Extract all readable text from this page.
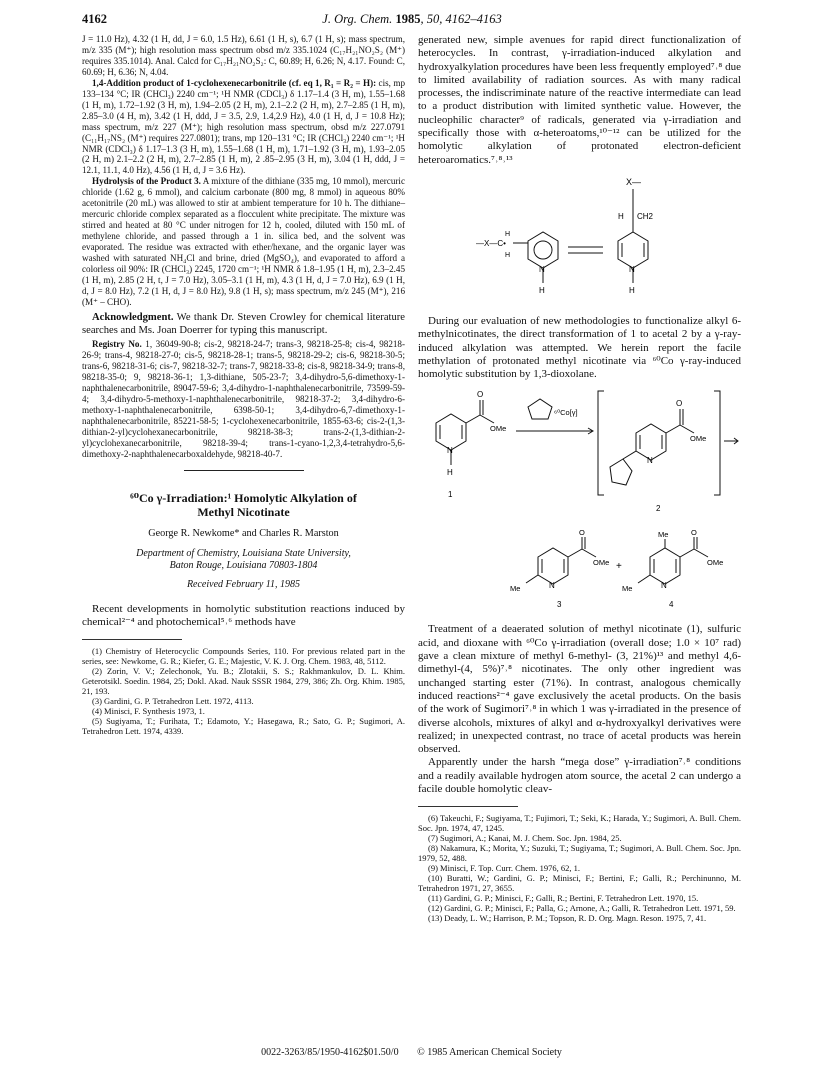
4162	J. Org. Chem. 1985, 50, 4162–4163

J = 11.0 Hz), 4.32 (1 H, dd, J = 6.0, 1.5 Hz), 6.61 (1 H, s), 6.7 (1 H, s); mass spectrum, m/z 335 (M⁺); high resolution mass spectrum obsd m/z 335.1024 (C₁₇H₂₁NO₂S₂ (M⁺) requires 335.1014). Anal. Calcd for C₁₇H₂₁NO₂S₂: C, 60.89; H, 6.26; N, 4.17. Found: C, 60.69; H, 6.36; N, 4.04.

1,4-Addition product of 1-cyclohexenecarbonitrile (cf. eq 1, R₁ = R₂ = H): cis, mp 133–134 °C; IR (CHCl₃) 2240 cm⁻¹; ¹H NMR (CDCl₃) δ 1.17–1.4 (3 H, m), 1.55–1.68 (1 H, m), 1.72–1.92 (3 H, m), 1.94–2.05 (2 H, m), 2.1–2.2 (2 H, m), 2.7–2.85 (1 H, m), 2.85–3.0 (4 H, m), 3.42 (1 H, ddd, J = 3.5, 2.9, 1.4,2.9 Hz), 4.0 (1 H, d, J = 10.8 Hz); mass spectrum, m/z 227 (M⁺); high resolution mass spectrum, obsd m/z 227.0791 (C₁₁H₁₇NS₂ (M⁺) requires 227.0801); trans, mp 120–131 °C; IR (CHCl₃) 2240 cm⁻¹; ¹H NMR (CDCl₃) δ 1.17–1.3 (3 H, m), 1.55–1.68 (1 H, m), 1.71–1.92 (3 H, m), 1.93–2.05 (2 H, m) 2.1–2.2 (2 H, m), 2.7–2.85 (1 H, m), 2 .85–2.95 (3 H, m), 3.04 (1 H, ddd, J = 12.1, 11.1, 4.0 Hz), 4.56 (1 H, d, J = 3.6 Hz).

Hydrolysis of the Product 3. A mixture of the dithiane (335 mg, 10 mmol), mercuric chloride (1.62 g, 6 mmol), and calcium carbonate (800 mg, 8 mmol) in aqueous 80% acetonitrile (20 mL) was allowed to stir at ambient temperature for 10 h. The dithiane–mercuric chloride complex separated as a flocculent white precipitate. The mixture was stirred and heated at 80 °C under nitrogen for 12 h, cooled, diluted with 150 mL of methylene chloride, and passed through a 1 in. silica bed, and the solvent was evaporated. The residue was extracted with ether/hexane, and the organic layer was washed with saturated NH₄Cl and brine, dried (MgSO₄), and evaporated to afford a colorless oil 90%: IR (CHCl₃) 2245, 1720 cm⁻¹; ¹H NMR δ 1.8–1.95 (1 H, m), 2.3–2.45 (1 H, m), 2.85 (2 H, t, J = 7.0 Hz), 3.05–3.1 (1 H, m), 4.3 (1 H, d, J = 7.0 Hz), 6.9 (1 H, d, J = 8.0 Hz), 7.2 (1 H, d, J = 8.0 Hz), 9.8 (1 H, s); mass spectrum, m/z 245 (M⁺), 216 (M⁺ – CHO).

Acknowledgment. We thank Dr. Steven Crowley for chemical literature searches and Ms. Joan Doerrer for typing this manuscript.

Registry No. 1, 36049-90-8; cis-2, 98218-24-7; trans-3, 98218-25-8; cis-4, 98218-26-9; trans-4, 98218-27-0; cis-5, 98218-28-1; trans-5, 98218-29-2; cis-6, 98218-30-5; trans-6, 98218-31-6; cis-7, 98218-32-7; trans-7, 98218-33-8; cis-8, 98218-34-9; trans-8, 98218-35-0; 9, 98218-36-1; 1,3-dithiane, 505-23-7; 3,4-dihydro-5,6-dimethoxy-1-naphthalenecarbonitrile, 89047-59-6; 3,4-dihydro-1-naphthalenecarbonitrile, 73599-59-4; 3,4-dihydro-5-methoxy-1-naphthalenecarbonitrile, 98218-37-2; 3,4-dihydro-6-methoxy-1-naphthalenecarbonitrile, 6398-50-1; 3,4-dihydro-6,7-dimethoxy-1-naphthalenecarbonitrile, 85221-58-5; 1-cyclohexenecarbonitrile, 1855-63-6; cis-2-(1,3-dithian-2-yl)cyclohexanecarbonitrile, 98218-38-3; trans-2-(1,3-dithian-2-yl)cyclohexanecarbonitrile, 98218-39-4; trans-1-cyano-1,2,3,4-tetrahydro-5,6-dimethoxy-2-naphthalenecarboxaldehyde, 98218-40-7.

⁶⁰Co γ-Irradiation:¹ Homolytic Alkylation of
Methyl Nicotinate
George R. Newkome* and Charles R. Marston
Department of Chemistry, Louisiana State University,
Baton Rouge, Louisiana 70803-1804
Received February 11, 1985

Recent developments in homolytic substitution reactions induced by chemical²⁻⁴ and photochemical⁵˒⁶ methods have

(1) Chemistry of Heterocyclic Compounds Series, 110. For previous related part in the series, see: Newkome, G. R.; Kiefer, G. E.; Majestic, V. K. J. Org. Chem. 1983, 48, 5112.

(2) Zorin, V. V.; Zelechonok, Yu. B.; Zlotakii, S. S.; Rakhmankulov, D. L. Khim. Geterotsikl. Soedin. 1984, 25; Dokl. Akad. Nauk SSSR 1984, 279, 386; Zh. Org. Khim. 1985, 21, 193.

(3) Gardini, G. P. Tetrahedron Lett. 1972, 4113.

(4) Minisci, F. Synthesis 1973, 1.

(5) Sugiyama, T.; Furihata, T.; Edamoto, Y.; Hasegawa, R.; Sato, G. P.; Sugimori, A. Tetrahedron Lett. 1974, 4339.

generated new, simple avenues for rapid direct functionalization of heterocycles. In contrast, γ-irradiation-induced alkylation and hydroxyalkylation procedures have been less frequently employed⁷˒⁸ due to limited availability of radiation sources. As with many radical processes, the indiscriminate nature of the reactive intermediate can lead to a product distribution with limited synthetic value. However, the nucleophilic character⁹ of radicals, generated via γ-irradiation and specifically those with α-heteroatoms,¹⁰⁻¹² can be utilized for the homolytic alkylation of protonated electron-deficient heteroaromatics.⁷˒⁸˒¹³

X—
H CH2
—X—C•
H
H
N
H
N
H

During our evaluation of new methodologies to functionalize alkyl 6-methylnicotinates, the direct transformation of 1 to acetal 2 by a γ-ray-induced alkylation was attempted. We herein report the facile methylation of protonated methyl nicotinate via ⁶⁰Co γ-ray-induced homolytic substitution by 1,3-dioxolane.

O
OMe
⁶⁰Co[γ]
N
H
1
O
OMe
N
2
O
OMe
Me	N
+
Me	O
OMe
Me	N
3	4

Treatment of a deaerated solution of methyl nicotinate (1), sulfuric acid, and dioxane with ⁶⁰Co γ-irradiation (overall dose; 1.0 × 10⁷ rad) gave a clean mixture of methyl 6-methyl- (3, 21%)¹³ and methyl 4,6-dimethyl-(4, 5%)⁷˒⁸ nicotinates. The only other ingredient was unchanged starting ester (71%). In contrast, analogous chemically induced reactions²⁻⁴ gave exclusively the acetal products. On the basis of the work of Sugimori⁷˒⁸ in which 1 was γ-irradiated in the presence of diverse alcohols, mixtures of alkyl and α-hydroxyalkyl derivatives were realized; in unexpected contrast, no trace of acetal products was herein observed.

Apparently under the harsh “mega dose” γ-irradiation⁷˒⁸ conditions and a readily available hydrogen atom source, the acetal 2 can undergo a facile double homolytic cleav-

(6) Takeuchi, F.; Sugiyama, T.; Fujimori, T.; Seki, K.; Harada, Y.; Sugimori, A. Bull. Chem. Soc. Jpn. 1974, 47, 1245.

(7) Sugimori, A.; Kanai, M. J. Chem. Soc. Jpn. 1984, 25.

(8) Nakamura, K.; Morita, Y.; Suzuki, T.; Sugiyama, T.; Sugimori, A. Bull. Chem. Soc. Jpn. 1979, 52, 488.

(9) Minisci, F. Top. Curr. Chem. 1976, 62, 1.

(10) Buratti, W.; Gardini, G. P.; Minisci, F.; Bertini, F.; Galli, R.; Perchinunno, M. Tetrahedron 1971, 27, 3655.

(11) Gardini, G. P.; Minisci, F.; Galli, R.; Bertini, F. Tetrahedron Lett. 1970, 15.

(12) Gardini, G. P.; Minisci, F.; Palla, G.; Arnone, A.; Galli, R. Tetrahedron Lett. 1971, 59.

(13) Deady, L. W.; Harrison, P. M.; Topson, R. D. Org. Magn. Reson. 1975, 7, 41.

0022-3263/85/1950-4162$01.50/0 © 1985 American Chemical Society
